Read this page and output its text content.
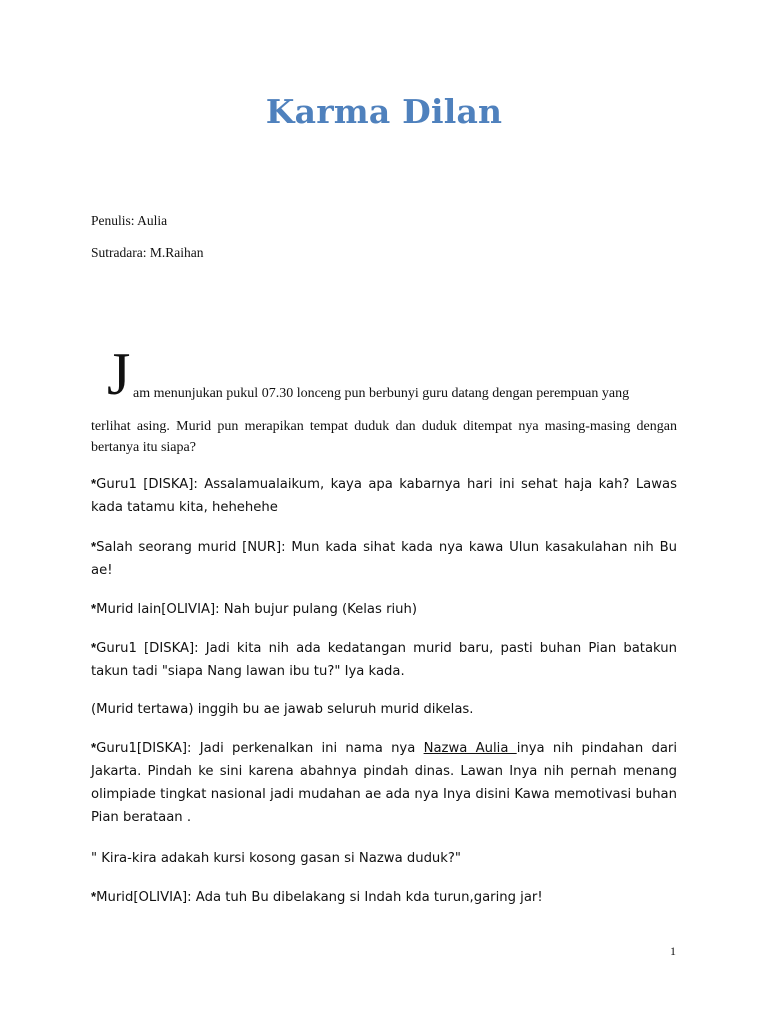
Karma Dilan
Penulis: Aulia
Sutradara: M.Raihan
J am menunjukan pukul 07.30 lonceng pun berbunyi guru datang dengan perempuan yang
terlihat asing. Murid pun merapikan tempat duduk dan duduk ditempat nya masing-masing dengan bertanya itu siapa?
*Guru1 [DISKA]: Assalamualaikum, kaya apa kabarnya hari ini sehat haja kah? Lawas kada tatamu kita, hehehehe
*Salah seorang murid [NUR]: Mun kada sihat kada nya kawa Ulun kasakulahan nih Bu ae!
*Murid lain[OLIVIA]: Nah bujur pulang (Kelas riuh)
*Guru1 [DISKA]: Jadi kita nih ada kedatangan murid baru, pasti buhan Pian batakun takun tadi "siapa Nang lawan ibu tu?" Iya kada.
(Murid tertawa) inggih bu ae jawab seluruh murid dikelas.
*Guru1[DISKA]: Jadi perkenalkan ini nama nya Nazwa Aulia inya nih pindahan dari Jakarta. Pindah ke sini karena abahnya pindah dinas. Lawan Inya nih pernah menang olimpiade tingkat nasional jadi mudahan ae ada nya Inya disini Kawa memotivasi buhan Pian berataan .
" Kira-kira adakah kursi kosong gasan si Nazwa duduk?"
*Murid[OLIVIA]: Ada tuh Bu dibelakang si Indah kda turun,garing jar!
1
